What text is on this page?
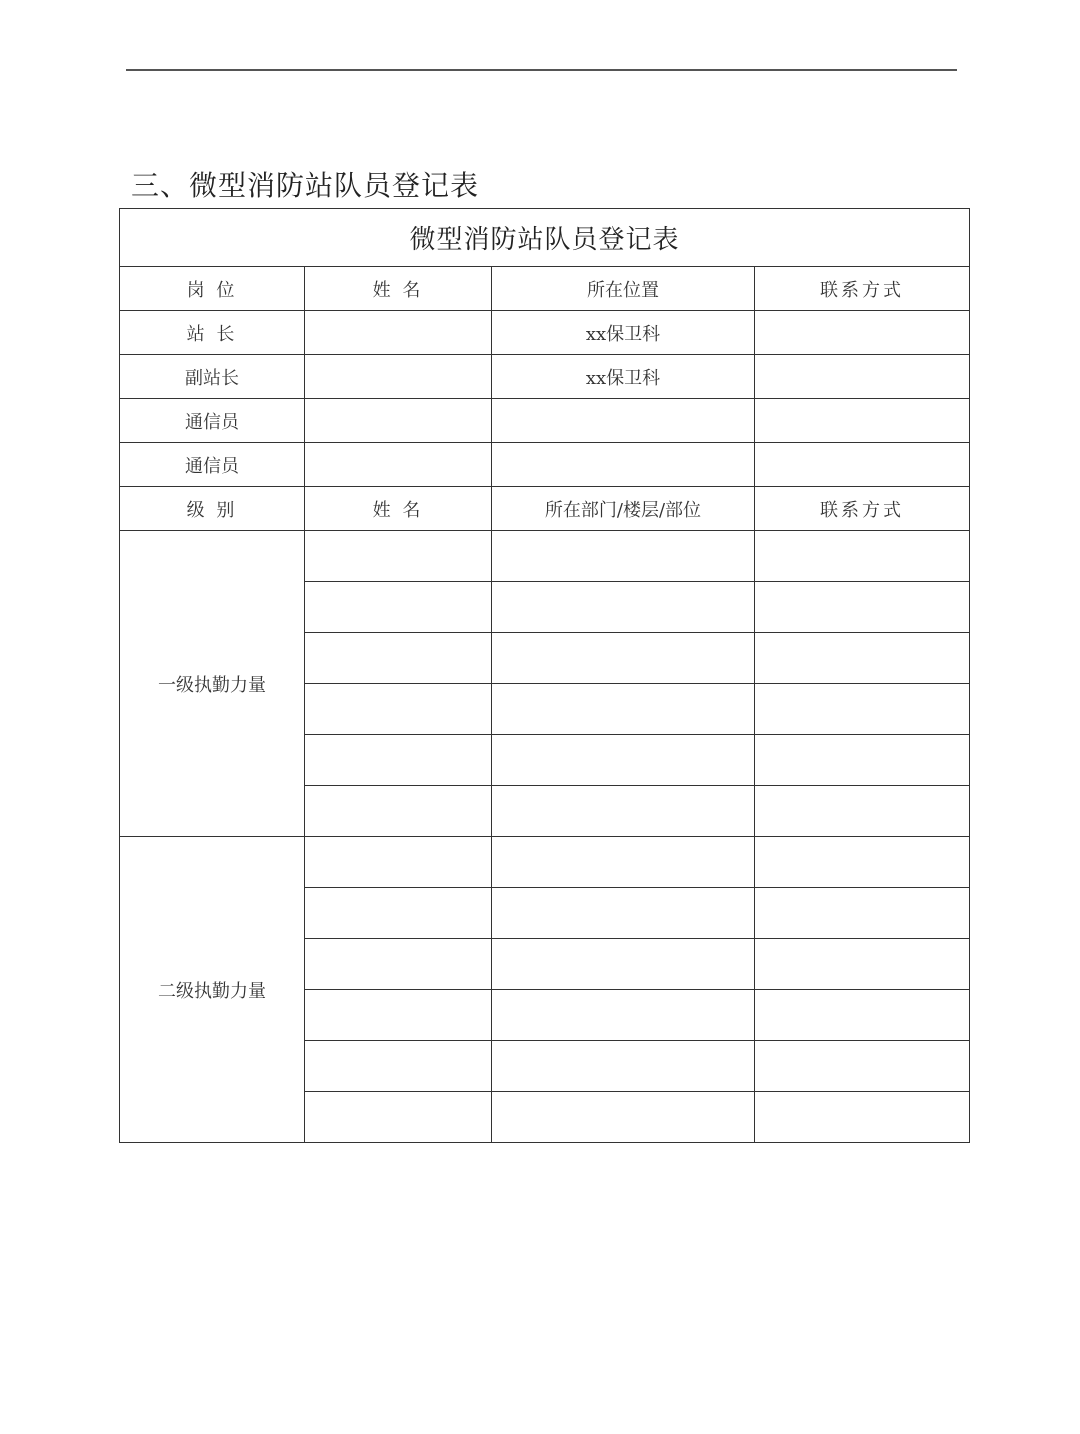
三、微型消防站队员登记表
微型消防站队员登记表			
岗 位	姓 名	所在位置	联系方式
站 长		xx保卫科	
副站长		xx保卫科	
通信员			
通信员			
级 别	姓 名	所在部门/楼层/部位	联系方式
一级执勤力量			

二级执勤力量			
